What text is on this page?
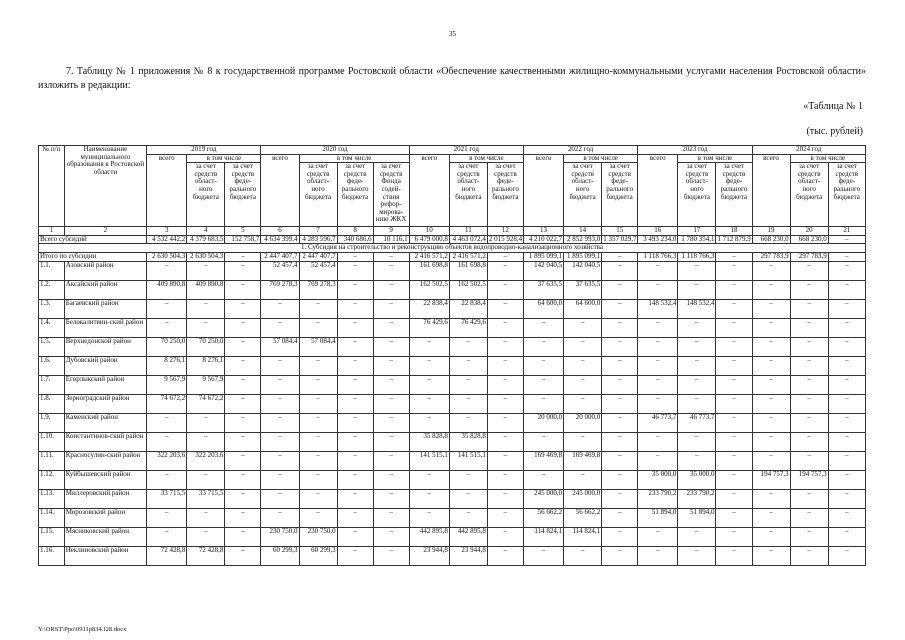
35
7. Таблицу № 1 приложения № 8 к государственной программе Ростовской области «Обеспечение качественными жилищно-коммунальными услугами населения Ростовской области» изложить в редакции:
«Таблица № 1
(тыс. рублей)
№ п/п	Наименование муниципального образования в Ростовской области	2019 год			2020 год				2021 год			2022 год			2023 год			2024 год		
		всего	в том числе		всего	в том числе			всего	в том числе		всего	в том числе		всего	в том числе		всего	в том числе	
			за счет средств област-ного бюджета	за счет средств феде-рального бюджета		за счет средств област-ного бюджета	за счет средств феде-рального бюджета	за счет средств Фонда содей-ствия рефор-мирова-нию ЖКХ		за счет средств област-ного бюджета	за счет средств феде-рального бюджета		за счет средств област-ного бюджета	за счет средств феде-рального бюджета		за счет средств област-ного бюджета	за счет средств феде-рального бюджета		за счет средств област-ного бюджета	за счет средств феде-рального бюджета
1	2	3	4	5	6	7	8	9	10	11	12	13	14	15	16	17	18	19	20	21
Всего субсидий		4 532 442,2	4 379 683,5	152 758,7	4 634 399,4	4 283 596,7	340 686,6	10 116,1	6 479 000,8	4 463 072,4	2 015 928,4	4 210 022,7	2 852 993,0	1 357 029,7	3 493 234,0	1 780 354,1	1 712 879,9	668 230,0	668 230,0	–
1. Субсидия на строительство и реконструкцию объектов водопроводно-канализационного хозяйства																				
Итого по субсидии		2 630 504,3	2 630 504,3	–	2 447 407,7	2 447 407,7	–	–	2 416 571,2	2 416 571,2	–	1 895 099,1	1 895 099,1	–	1 118 766,3	1 118 766,3	–	297 783,9	297 783,9	–
1.1.	Азовский район	–	–	–	52 457,4	52 457,4	–	–	161 698,8	161 698,8	–	142 040,5	142 040,5	–	–	–	–	–	–	–
1.2.	Аксайский район	409 890,8	409 890,8	–	769 278,3	769 278,3	–	–	162 502,5	162 502,5	–	37 635,5	37 635,5	–	–	–	–	–	–	–
1.3.	Багаевский район	–	–	–	–	–	–	–	22 838,4	22 838,4	–	64 600,0	64 600,0	–	148 532,4	148 532,4	–	–	–	–
1.4.	Белокалитвин-ский район	–	–	–	–	–	–	–	76 429,6	76 429,6	–	–	–	–	–	–	–	–	–	–
1.5.	Верхнедонской район	70 250,0	70 250,0	–	57 084,4	57 084,4	–	–	–	–	–	–	–	–	–	–	–	–	–	–
1.6.	Дубовский район	8 276,1	8 276,1	–	–	–	–	–	–	–	–	–	–	–	–	–	–	–	–	–
1.7.	Егорлыкский район	9 567,9	9 567,9	–	–	–	–	–	–	–	–	–	–	–	–	–	–	–	–	–
1.8.	Зерноградский район	74 672,2	74 672,2	–	–	–	–	–	–	–	–	–	–	–	–	–	–	–	–	–
1.9.	Каменский район	–	–	–	–	–	–	–	–	–	–	20 000,0	20 000,0	–	46 773,7	46 773,7	–	–	–	–
1.10.	Константинов-ский район	–	–	–	–	–	–	–	35 828,8	35 828,8	–	–	–	–	–	–	–	–	–	–
1.11.	Красносулин-ский район	322 203,6	322 203,6	–	–	–	–	–	141 515,1	141 515,1	–	169 469,8	169 469,8	–	–	–	–	–	–	–
1.12.	Куйбышевский район	–	–	–	–	–	–	–	–	–	–	–	–	–	35 000,0	35 000,0	–	194 757,3	194 757,3	–
1.13.	Миллеровский район	33 715,5	33 715,5	–	–	–	–	–	–	–	–	245 000,0	245 000,0	–	233 790,2	233 790,2	–	–	–	–
1.14.	Морозовский район	–	–	–	–	–	–	–	–	–	–	56 662,2	56 662,2	–	51 894,0	51 894,0	–	–	–	–
1.15.	Мясниковский район	–	–	–	230 750,0	230 750,0	–	–	442 895,8	442 895,8	–	114 824,1	114 824,1	–	–	–	–	–	–	–
1.16.	Неклиновский район	72 428,8	72 428,8	–	60 299,3	60 299,3	–	–	23 944,8	23 944,8	–	–	–	–	–	–	–	–	–	–
Y:\ORST\Ppo\0911p834.f28.docx
